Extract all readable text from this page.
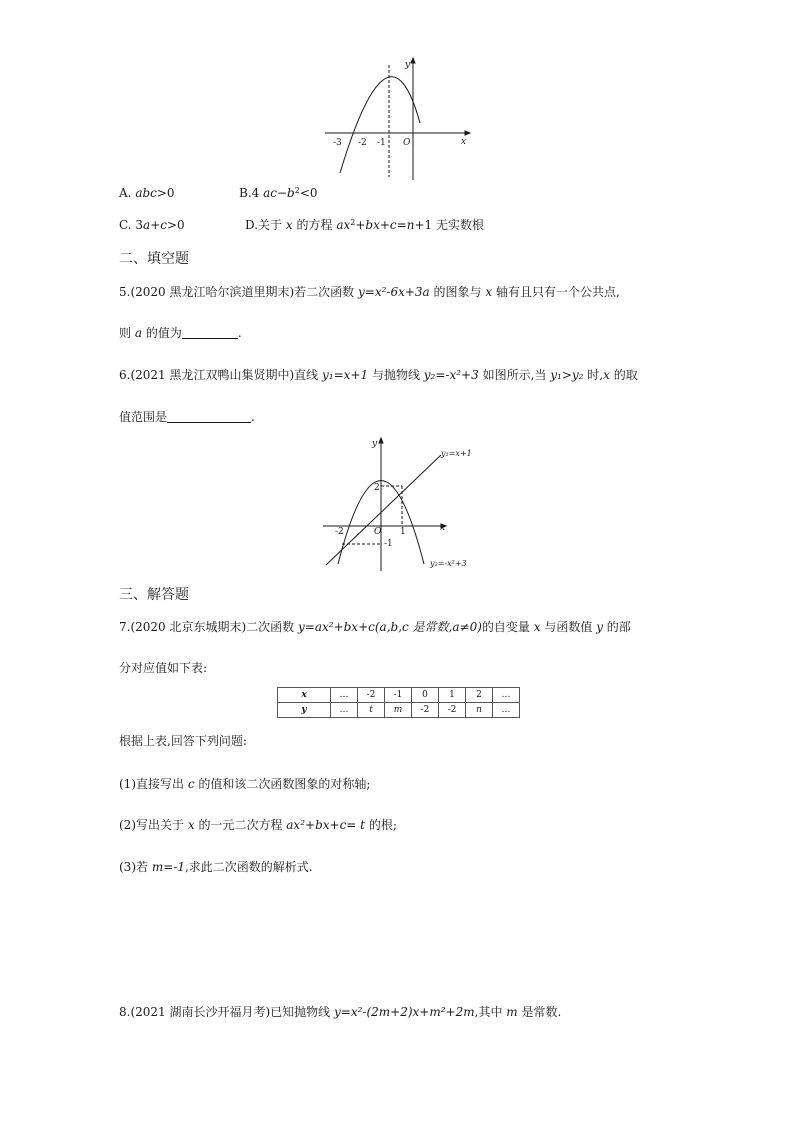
y
x
O
-3 -2 -1
A. abc>0	B.4 $ac-b^2<0$
C. 3a+c>0	D.关于 x 的方程 $ax^2+bx+c=n+1$ 无实数根
二、填空题
5.(2020 黑龙江哈尔滨道里期末)若二次函数 y=x²-6x+3a 的图象与 x 轴有且只有一个公共点,
则 a 的值为	.
6.(2021 黑龙江双鸭山集贤期中)直线 y₁=x+1 与抛物线 y₂=-x²+3 如图所示,当 y₁>y₂ 时,x 的取
值范围是	.
y
x
O
-2	1
2
-1
y₁=x+1
y₂=-x²+3
三、解答题
7.(2020 北京东城期末)二次函数 y=ax²+bx+c(a,b,c 是常数,a≠0)的自变量 x 与函数值 y 的部
分对应值如下表:
x	…	-2	-1	0	1	2	…
y	…	t	m	-2	-2	n	…
根据上表,回答下列问题:
(1)直接写出 c 的值和该二次函数图象的对称轴;
(2)写出关于 x 的一元二次方程 ax²+bx+c= t 的根;
(3)若 m=-1,求此二次函数的解析式.
8.(2021 湖南长沙开福月考)已知抛物线 y=x²-(2m+2)x+m²+2m,其中 m 是常数.
